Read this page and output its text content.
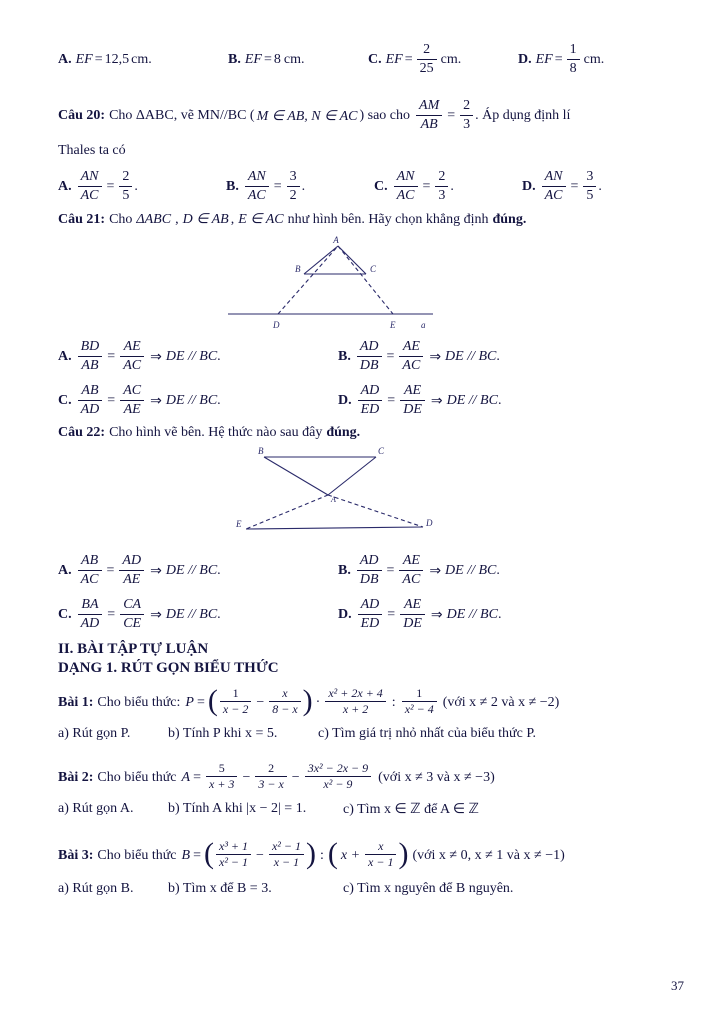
A. EF = 12,5 cm .	B. EF = 8 cm .	C. EF = $\frac{2}{25}$ cm .	D. EF = $\frac{1}{8}$ cm .
Câu 20: Cho ΔABC, vẽ MN//BC ( M ∈ AB, N ∈ AC ) sao cho $\frac{AM}{AB} = \frac{2}{3}$ . Áp dụng định lí
Thales ta có
A. $\frac{AN}{AC} = \frac{2}{5}$ .	B. $\frac{AN}{AC} = \frac{3}{2}$ .	C. $\frac{AN}{AC} = \frac{2}{3}$ .	D. $\frac{AN}{AC} = \frac{3}{5}$ .
Câu 21: Cho ΔABC , D ∈ AB , E ∈ AC như hình bên. Hãy chọn khẳng định đúng.
A
B	C
D	E	a
A. $\frac{BD}{AB} = \frac{AE}{AC}$ ⇒ DE // BC .	B. $\frac{AD}{DB} = \frac{AE}{AC}$ ⇒ DE // BC .
C. $\frac{AB}{AD} = \frac{AC}{AE}$ ⇒ DE // BC .	D. $\frac{AD}{ED} = \frac{AE}{DE}$ ⇒ DE // BC .
Câu 22: Cho hình vẽ bên. Hệ thức nào sau đây đúng.
B	C
A
E	D
A. $\frac{AB}{AC} = \frac{AD}{AE}$ ⇒ DE // BC .	B. $\frac{AD}{DB} = \frac{AE}{AC}$ ⇒ DE // BC .
C. $\frac{BA}{AD} = \frac{CA}{CE}$ ⇒ DE // BC .	D. $\frac{AD}{ED} = \frac{AE}{DE}$ ⇒ DE // BC .
II. BÀI TẬP TỰ LUẬN
DẠNG 1. RÚT GỌN BIỂU THỨC
Bài 1: Cho biểu thức: P = ( $\frac{1}{x - 2} - \frac{x}{8 - x}$ ) · $\frac{\text{x² + 2x + 4}}{x + 2}$ : $\frac{1}{\text{x² − 4}}$ (với x ≠ 2 và x ≠ −2)
a) Rút gọn P.	b) Tính P khi x = 5.	c) Tìm giá trị nhỏ nhất của biểu thức P.
Bài 2: Cho biểu thức $A = \frac{5}{x + 3} - \frac{2}{3 - x} - \frac{\text{3x² − 2x − 9}}{\text{x² − 9}}$ (với x ≠ 3 và x ≠ −3)
a) Rút gọn A.	b) Tính A khi |x − 2| = 1.	c) Tìm x ∈ ℤ để A ∈ ℤ
Bài 3: Cho biểu thức B = ( $\frac{\text{x³ + 1}}{\text{x² − 1}} - \frac{\text{x² − 1}}{x - 1}$ ) : ( $x + \frac{x}{x - 1}$ ) (với x ≠ 0, x ≠ 1 và x ≠ −1)
a) Rút gọn B.	b) Tìm x để B = 3.	c) Tìm x nguyên để B nguyên.
37
